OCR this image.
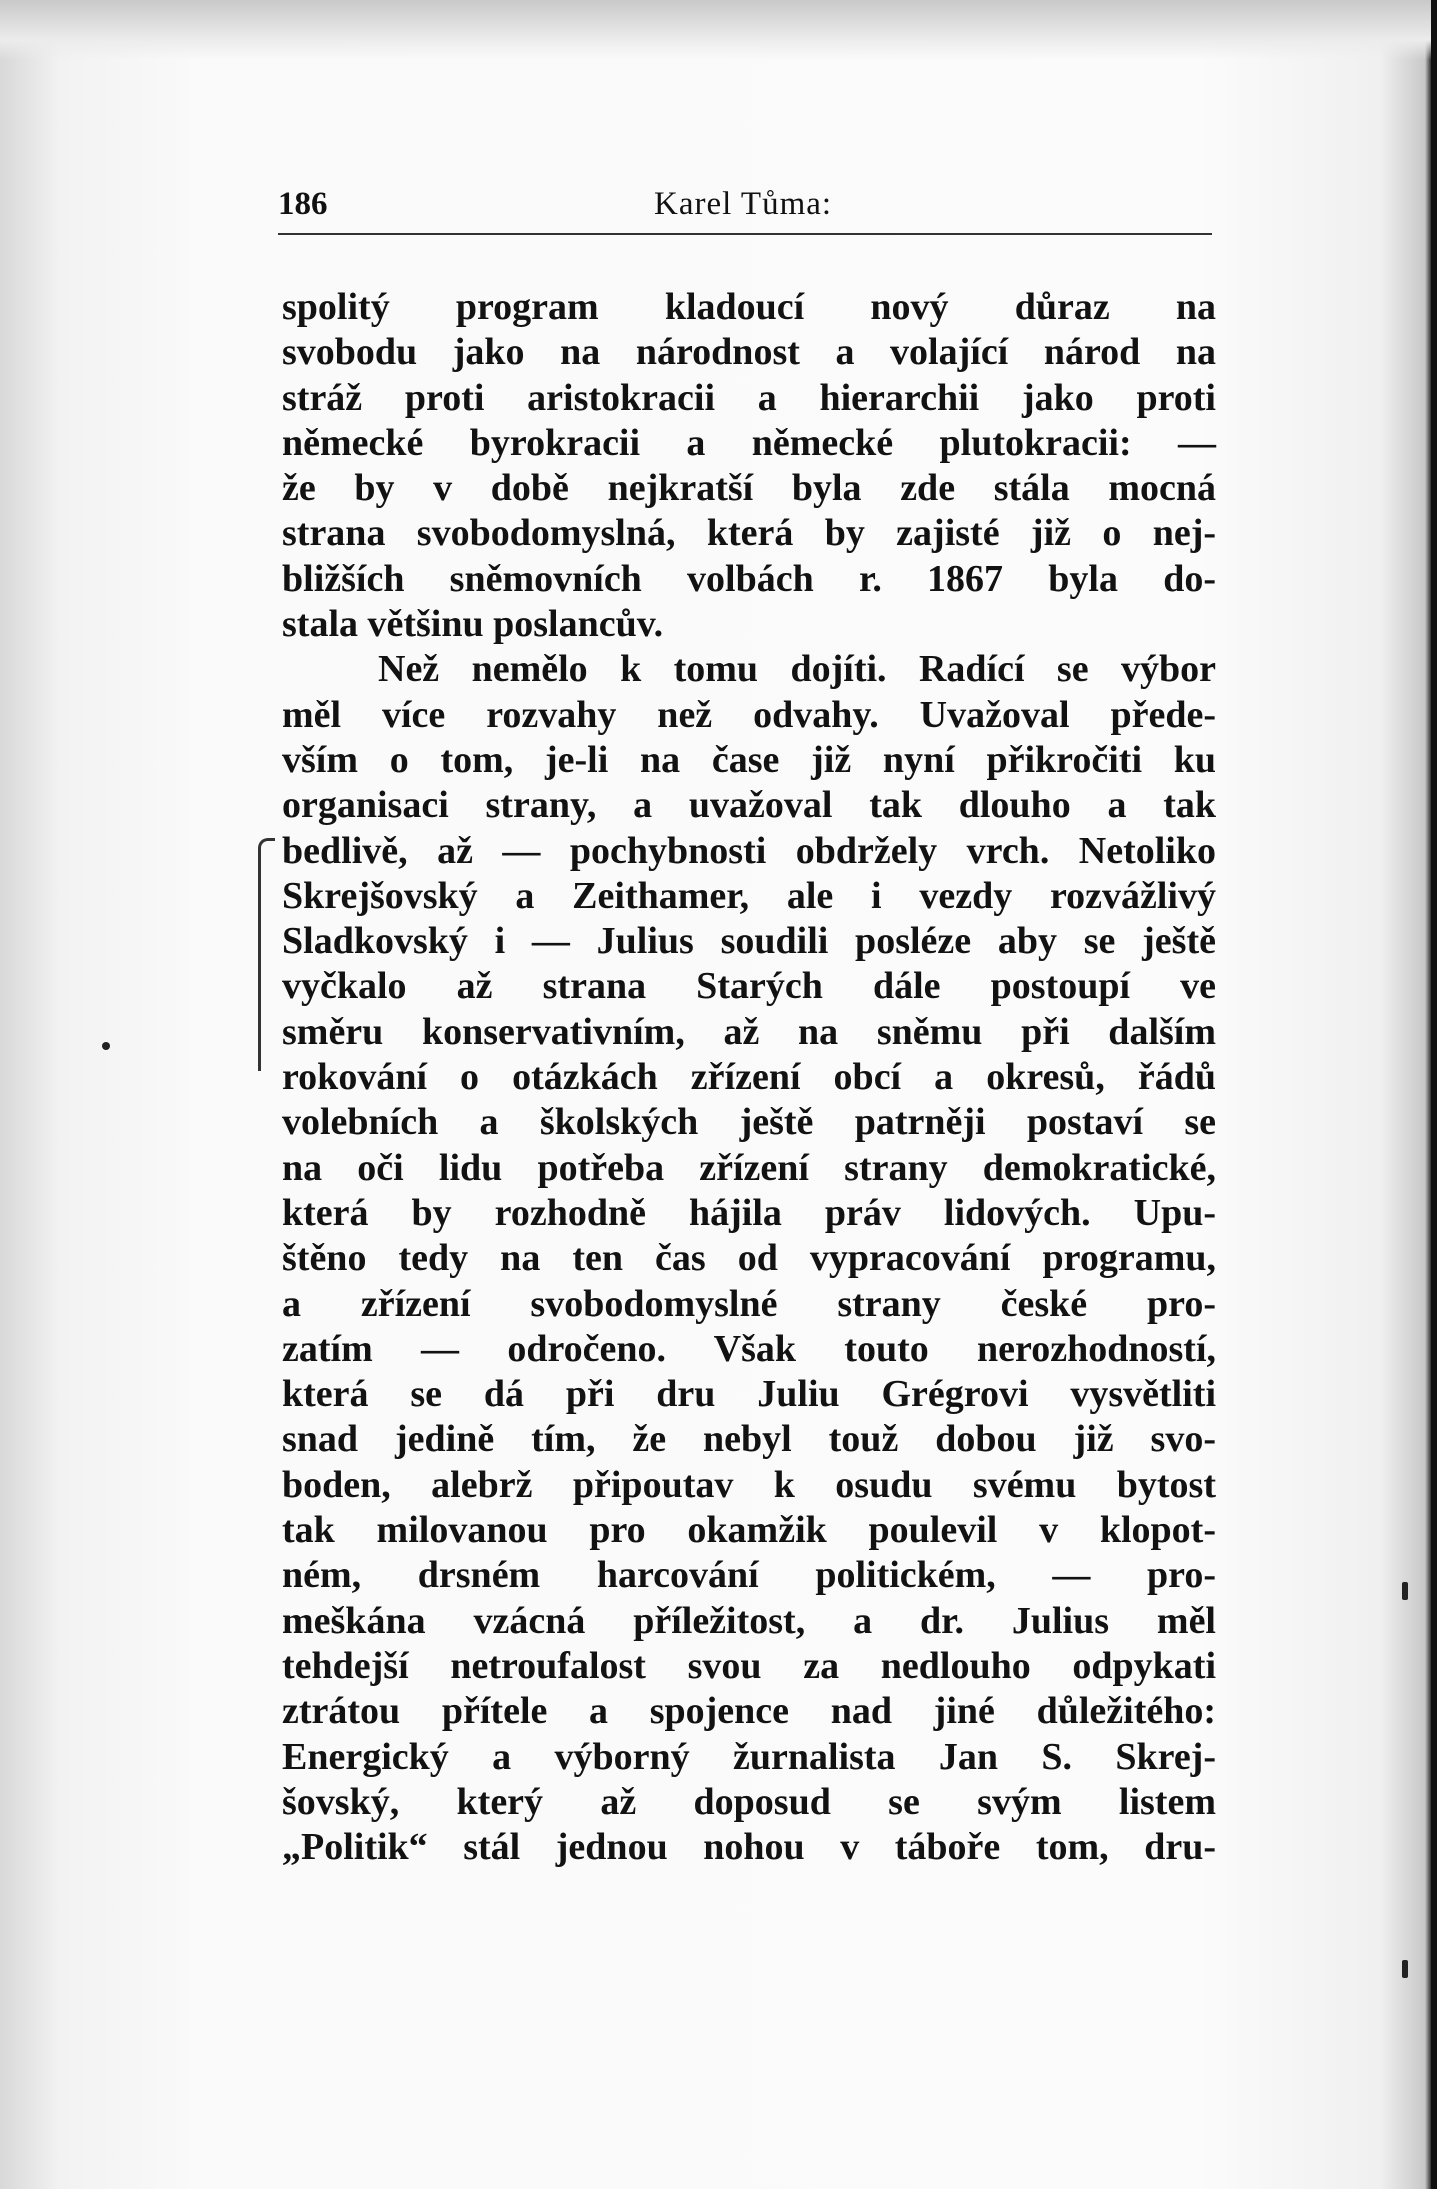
186	Karel Tůma:
spolitý program kladoucí nový důraz na
svobodu jako na národnost a volající národ na
stráž proti aristokracii a hierarchii jako proti
německé byrokracii a německé plutokracii: —
že by v době nejkratší byla zde stála mocná
strana svobodomyslná, která by zajisté již o nej-
bližších sněmovních volbách r. 1867 byla do-
stala většinu poslancův.
Než nemělo k tomu dojíti. Radící se výbor
měl více rozvahy než odvahy. Uvažoval přede-
vším o tom, je-li na čase již nyní přikročiti ku
organisaci strany, a uvažoval tak dlouho a tak
bedlivě, až — pochybnosti obdržely vrch. Netoliko
Skrejšovský a Zeithamer, ale i vezdy rozvážlivý
Sladkovský i — Julius soudili posléze aby se ještě
vyčkalo až strana Starých dále postoupí ve
směru konservativním, až na sněmu při dalším
rokování o otázkách zřízení obcí a okresů, řádů
volebních a školských ještě patrněji postaví se
na oči lidu potřeba zřízení strany demokratické,
která by rozhodně hájila práv lidových. Upu-
štěno tedy na ten čas od vypracování programu,
a zřízení svobodomyslné strany české pro-
zatím — odročeno. Však touto nerozhodností,
která se dá při dru Juliu Grégrovi vysvětliti
snad jedině tím, že nebyl touž dobou již svo-
boden, alebrž připoutav k osudu svému bytost
tak milovanou pro okamžik poulevil v klopot-
ném, drsném harcování politickém, — pro-
meškána vzácná příležitost, a dr. Julius měl
tehdejší netroufalost svou za nedlouho odpykati
ztrátou přítele a spojence nad jiné důležitého:
Energický a výborný žurnalista Jan S. Skrej-
šovský, který až doposud se svým listem
„Politik“ stál jednou nohou v táboře tom, dru-
